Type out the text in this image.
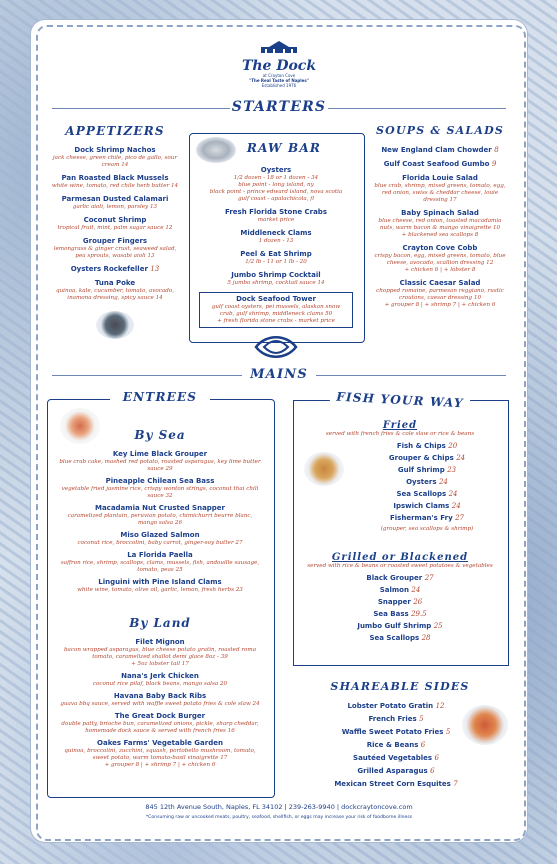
The Dock
at Crayton Cove
"The Real Taste of Naples"
Established 1976
STARTERS
APPETIZERS
Dock Shrimp Nachos
jack cheese, green chile, pico de gallo, sour cream 14
Pan Roasted Black Mussels
white wine, tomato, red chile herb butter 14
Parmesan Dusted Calamari
garlic aioli, lemon, parsley 13
Coconut Shrimp
tropical fruit, mint, palm sugar sauce 12
Grouper Fingers
lemongrass & ginger crust, seaweed salad, pea sprouts, wasabi aioli 13
Oysters Rockefeller 13
Tuna Poke
quinoa, kale, cucumber, tomato, avocado, inamona dressing, spicy sauce 14
RAW BAR
Oysters
1/2 dozen - 18 or 1 dozen - 34
blue point - long island, ny
black point - prince edward island, nova scotia
gulf coast - apalachicola, fl
Fresh Florida Stone Crabs
market price
Middleneck Clams
1 dozen - 13
Peel & Eat Shrimp
1/2 lb - 11 or 1 lb - 20
Jumbo Shrimp Cocktail
5 jumbo shrimp, cocktail sauce 14
Dock Seafood Tower
gulf coast oysters, pei mussels, alaskan snow crab, gulf shrimp, middleneck clams 50
+ fresh florida stone crabs - market price
SOUPS & SALADS
New England Clam Chowder 8
Gulf Coast Seafood Gumbo 9
Florida Louie Salad
blue crab, shrimp, mixed greens, tomato, egg, red onion, swiss & cheddar cheese, louie dressing 17
Baby Spinach Salad
blue cheese, red onion, toasted macadamia nuts, warm bacon & mango vinaigrette 10
+ blackened sea scallops 8
Crayton Cove Cobb
crispy bacon, egg, mixed greens, tomato, blue cheese, avocado, scallion dressing 12
+ chicken 6 | + lobster 8
Classic Caesar Salad
chopped romaine, parmesan reggiano, rustic croutons, caesar dressing 10
+ grouper 8 | + shrimp 7 | + chicken 6
MAINS
ENTREES
By Sea
Key Lime Black Grouper
blue crab cake, mashed red potato, roasted asparagus, key lime butter sauce 29
Pineapple Chilean Sea Bass
vegetable fried jasmine rice, crispy wonton strings, coconut thai chili sauce 32
Macadamia Nut Crusted Snapper
caramelized plantain, peruvian potato, chimichurri beurre blanc, mango salsa 26
Miso Glazed Salmon
coconut rice, broccolini, baby carrot, ginger-soy butter 27
La Florida Paella
saffron rice, shrimp, scallops, clams, mussels, fish, andouille sausage, tomato, peas 25
Linguini with Pine Island Clams
white wine, tomato, olive oil, garlic, lemon, fresh herbs 23
By Land
Filet Mignon
bacon wrapped asparagus, blue cheese potato gratin, roasted roma tomato, caramelized shallot demi glace 8oz - 39
+ 5oz lobster tail 17
Nana's Jerk Chicken
coconut rice pilaf, black beans, mango salsa 20
Havana Baby Back Ribs
guava bbq sauce, served with waffle sweet potato fries & cole slaw 24
The Great Dock Burger
double patty, brioche bun, caramelized onions, pickle, sharp cheddar, homemade dock sauce & served with french fries 16
Oakes Farms' Vegetable Garden
quinoa, broccolini, zucchini, squash, portobello mushroom, tomato, sweet potato, warm tomato-basil vinaigrette 17
+ grouper 8 | + shrimp 7 | + chicken 6
FISH YOUR WAY
Fried
served with french fries & cole slaw or rice & beans
Fish & Chips 20
Grouper & Chips 24
Gulf Shrimp 23
Oysters 24
Sea Scallops 24
Ipswich Clams 24
Fisherman's Fry 27
(grouper, sea scallops & shrimp)
Grilled or Blackened
served with rice & beans or roasted sweet potatoes & vegetables
Black Grouper 27
Salmon 24
Snapper 26
Sea Bass 29.5
Jumbo Gulf Shrimp 25
Sea Scallops 28
SHAREABLE SIDES
Lobster Potato Gratin 12
French Fries 5
Waffle Sweet Potato Fries 5
Rice & Beans 6
Sautéed Vegetables 6
Grilled Asparagus 6
Mexican Street Corn Esquites 7
845 12th Avenue South, Naples, FL 34102 | 239-263-9940 | dockcraytoncove.com
*Consuming raw or uncooked meats, poultry, seafood, shellfish, or eggs may increase your risk of foodborne illness
